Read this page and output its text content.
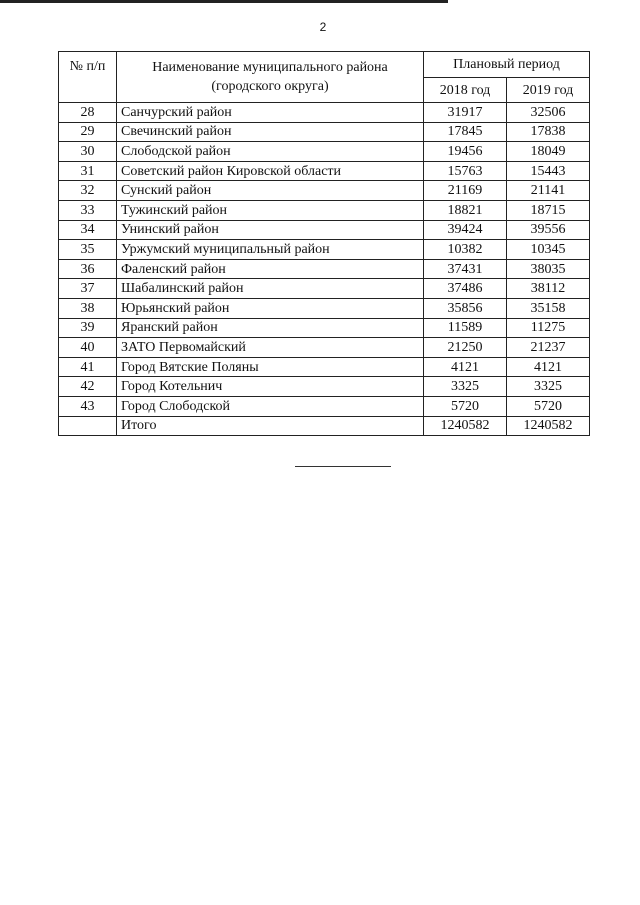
2
№ п/п	Наименование муниципального района (городского округа)	Плановый период	
		2018 год	2019 год
28	Санчурский район	31917	32506
29	Свечинский район	17845	17838
30	Слободской район	19456	18049
31	Советский район Кировской области	15763	15443
32	Сунский район	21169	21141
33	Тужинский район	18821	18715
34	Унинский район	39424	39556
35	Уржумский муниципальный район	10382	10345
36	Фаленский район	37431	38035
37	Шабалинский район	37486	38112
38	Юрьянский район	35856	35158
39	Яранский район	11589	11275
40	ЗАТО Первомайский	21250	21237
41	Город Вятские Поляны	4121	4121
42	Город Котельнич	3325	3325
43	Город Слободской	5720	5720
	Итого	1240582	1240582
